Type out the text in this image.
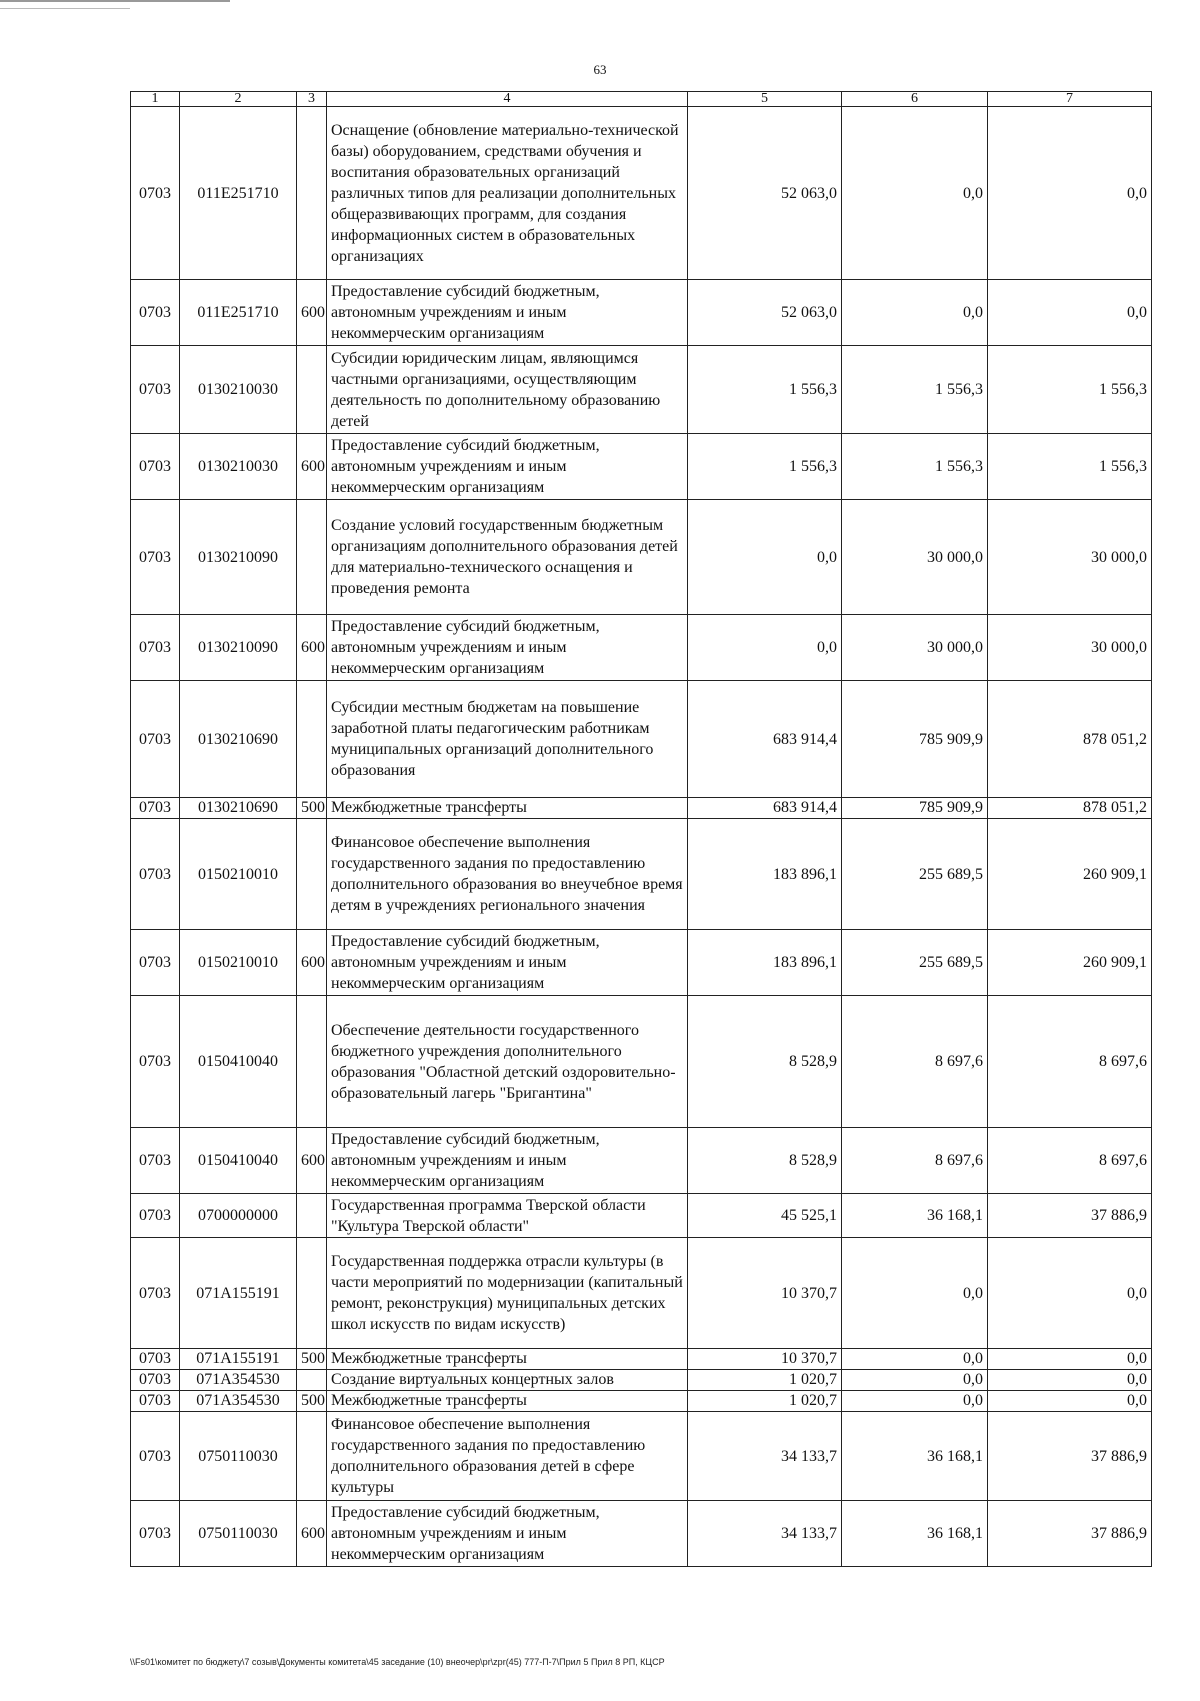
63
1	2	3	4	5	6	7
0703	011E251710		Оснащение (обновление материально-технической базы) оборудованием, средствами обучения и воспитания образовательных организаций различных типов для реализации дополнительных общеразвивающих программ, для создания информационных систем в образовательных организациях	52 063,0	0,0	0,0
0703	011E251710	600	Предоставление субсидий бюджетным, автономным учреждениям и иным некоммерческим организациям	52 063,0	0,0	0,0
0703	0130210030		Субсидии юридическим лицам, являющимся частными организациями, осуществляющим деятельность по дополнительному образованию детей	1 556,3	1 556,3	1 556,3
0703	0130210030	600	Предоставление субсидий бюджетным, автономным учреждениям и иным некоммерческим организациям	1 556,3	1 556,3	1 556,3
0703	0130210090		Создание условий государственным бюджетным организациям дополнительного образования детей для материально-технического оснащения и проведения ремонта	0,0	30 000,0	30 000,0
0703	0130210090	600	Предоставление субсидий бюджетным, автономным учреждениям и иным некоммерческим организациям	0,0	30 000,0	30 000,0
0703	0130210690		Субсидии местным бюджетам на повышение заработной платы педагогическим работникам муниципальных организаций дополнительного образования	683 914,4	785 909,9	878 051,2
0703	0130210690	500	Межбюджетные трансферты	683 914,4	785 909,9	878 051,2
0703	0150210010		Финансовое обеспечение выполнения государственного задания по предоставлению дополнительного образования во внеучебное время детям в учреждениях регионального значения	183 896,1	255 689,5	260 909,1
0703	0150210010	600	Предоставление субсидий бюджетным, автономным учреждениям и иным некоммерческим организациям	183 896,1	255 689,5	260 909,1
0703	0150410040		Обеспечение деятельности государственного бюджетного учреждения дополнительного образования "Областной детский оздоровительно-образовательный лагерь "Бригантина"	8 528,9	8 697,6	8 697,6
0703	0150410040	600	Предоставление субсидий бюджетным, автономным учреждениям и иным некоммерческим организациям	8 528,9	8 697,6	8 697,6
0703	0700000000		Государственная программа Тверской области "Культура Тверской области"	45 525,1	36 168,1	37 886,9
0703	071A155191		Государственная поддержка отрасли культуры (в части мероприятий по модернизации (капитальный ремонт, реконструкция) муниципальных детских школ искусств по видам искусств)	10 370,7	0,0	0,0
0703	071A155191	500	Межбюджетные трансферты	10 370,7	0,0	0,0
0703	071A354530		Создание виртуальных концертных залов	1 020,7	0,0	0,0
0703	071A354530	500	Межбюджетные трансферты	1 020,7	0,0	0,0
0703	0750110030		Финансовое обеспечение выполнения государственного задания по предоставлению дополнительного образования детей в сфере культуры	34 133,7	36 168,1	37 886,9
0703	0750110030	600	Предоставление субсидий бюджетным, автономным учреждениям и иным некоммерческим организациям	34 133,7	36 168,1	37 886,9
\\Fs01\комитет по бюджету\7 созыв\Документы комитета\45 заседание (10) внеочер\pr\zpr(45) 777-П-7\Прил 5 Прил 8 РП, КЦСР
